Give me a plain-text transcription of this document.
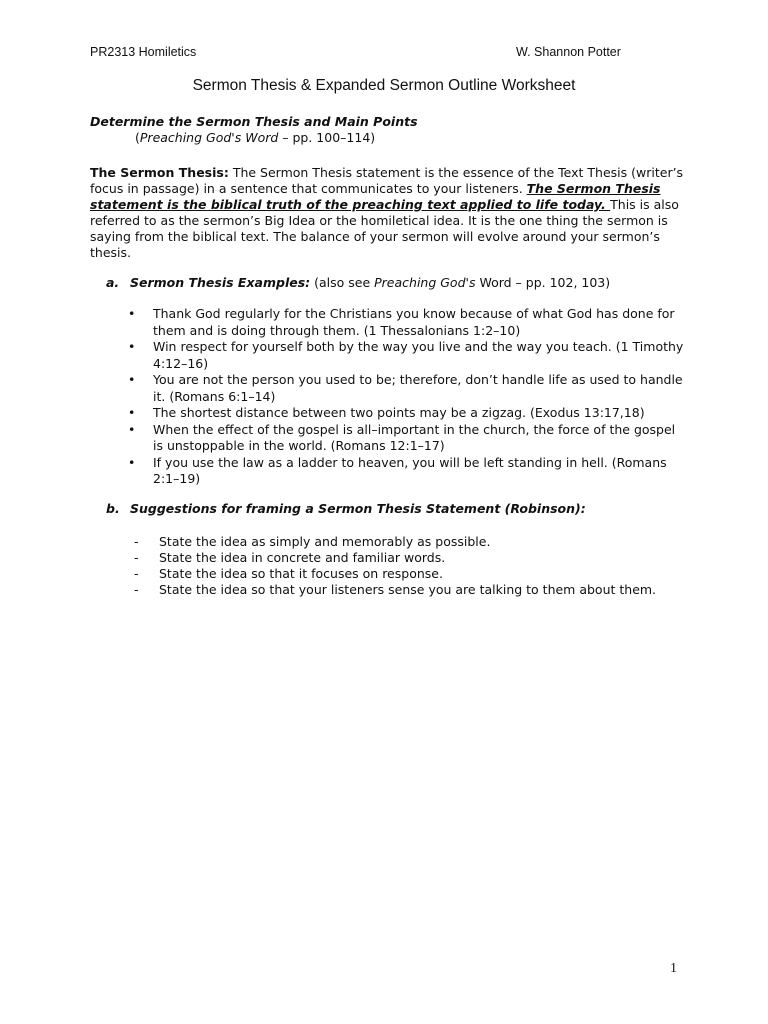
PR2313 Homiletics	W. Shannon Potter
Sermon Thesis & Expanded Sermon Outline Worksheet
Determine the Sermon Thesis and Main Points
(Preaching God's Word – pp. 100–114)
The Sermon Thesis: The Sermon Thesis statement is the essence of the Text Thesis (writer’s focus in passage) in a sentence that communicates to your listeners. The Sermon Thesis statement is the biblical truth of the preaching text applied to life today. This is also referred to as the sermon’s Big Idea or the homiletical idea. It is the one thing the sermon is saying from the biblical text. The balance of your sermon will evolve around your sermon’s thesis.
a. Sermon Thesis Examples: (also see Preaching God's Word – pp. 102, 103)
• Thank God regularly for the Christians you know because of what God has done for them and is doing through them. (1 Thessalonians 1:2–10)
• Win respect for yourself both by the way you live and the way you teach. (1 Timothy 4:12–16)
• You are not the person you used to be; therefore, don’t handle life as used to handle it. (Romans 6:1–14)
• The shortest distance between two points may be a zigzag. (Exodus 13:17,18)
• When the effect of the gospel is all–important in the church, the force of the gospel is unstoppable in the world. (Romans 12:1–17)
• If you use the law as a ladder to heaven, you will be left standing in hell. (Romans 2:1–19)
b. Suggestions for framing a Sermon Thesis Statement (Robinson):
- State the idea as simply and memorably as possible.
- State the idea in concrete and familiar words.
- State the idea so that it focuses on response.
- State the idea so that your listeners sense you are talking to them about them.
1
